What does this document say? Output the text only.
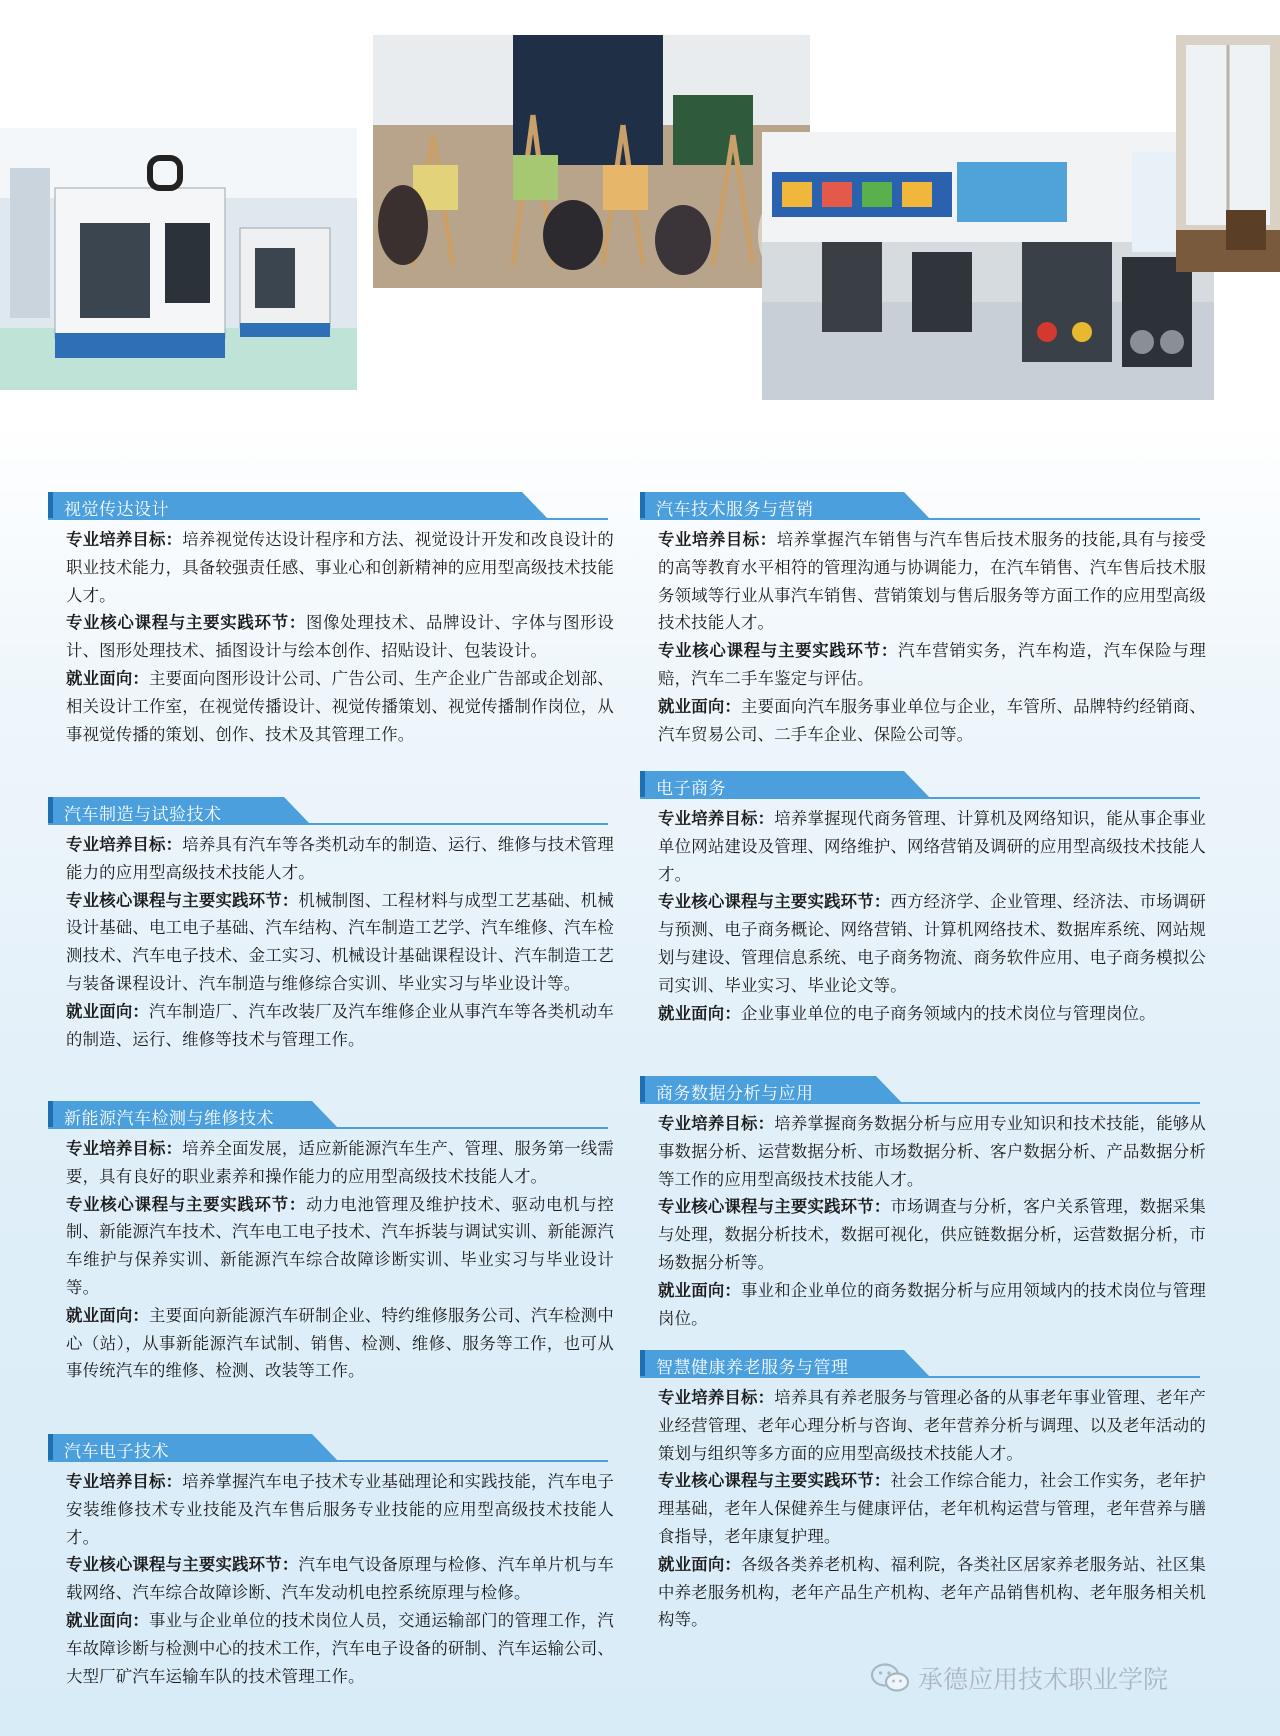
视觉传达设计

专业培养目标：培养视觉传达设计程序和方法、视觉设计开发和改良设计的职业技术能力，具备较强责任感、事业心和创新精神的应用型高级技术技能人才。

专业核心课程与主要实践环节：图像处理技术、品牌设计、字体与图形设计、图形处理技术、插图设计与绘本创作、招贴设计、包装设计。

就业面向：主要面向图形设计公司、广告公司、生产企业广告部或企划部、相关设计工作室，在视觉传播设计、视觉传播策划、视觉传播制作岗位，从事视觉传播的策划、创作、技术及其管理工作。

汽车制造与试验技术

专业培养目标：培养具有汽车等各类机动车的制造、运行、维修与技术管理能力的应用型高级技术技能人才。

专业核心课程与主要实践环节：机械制图、工程材料与成型工艺基础、机械设计基础、电工电子基础、汽车结构、汽车制造工艺学、汽车维修、汽车检测技术、汽车电子技术、金工实习、机械设计基础课程设计、汽车制造工艺与装备课程设计、汽车制造与维修综合实训、毕业实习与毕业设计等。

就业面向：汽车制造厂、汽车改装厂及汽车维修企业从事汽车等各类机动车的制造、运行、维修等技术与管理工作。

新能源汽车检测与维修技术

专业培养目标：培养全面发展，适应新能源汽车生产、管理、服务第一线需要，具有良好的职业素养和操作能力的应用型高级技术技能人才。

专业核心课程与主要实践环节：动力电池管理及维护技术、驱动电机与控制、新能源汽车技术、汽车电工电子技术、汽车拆装与调试实训、新能源汽车维护与保养实训、新能源汽车综合故障诊断实训、毕业实习与毕业设计等。

就业面向：主要面向新能源汽车研制企业、特约维修服务公司、汽车检测中心（站），从事新能源汽车试制、销售、检测、维修、服务等工作，也可从事传统汽车的维修、检测、改装等工作。

汽车电子技术

专业培养目标：培养掌握汽车电子技术专业基础理论和实践技能，汽车电子安装维修技术专业技能及汽车售后服务专业技能的应用型高级技术技能人才。

专业核心课程与主要实践环节：汽车电气设备原理与检修、汽车单片机与车载网络、汽车综合故障诊断、汽车发动机电控系统原理与检修。

就业面向：事业与企业单位的技术岗位人员，交通运输部门的管理工作，汽车故障诊断与检测中心的技术工作，汽车电子设备的研制、汽车运输公司、大型厂矿汽车运输车队的技术管理工作。

汽车技术服务与营销

专业培养目标：培养掌握汽车销售与汽车售后技术服务的技能,具有与接受的高等教育水平相符的管理沟通与协调能力，在汽车销售、汽车售后技术服务领域等行业从事汽车销售、营销策划与售后服务等方面工作的应用型高级技术技能人才。

专业核心课程与主要实践环节：汽车营销实务，汽车构造，汽车保险与理赔，汽车二手车鉴定与评估。

就业面向：主要面向汽车服务事业单位与企业，车管所、品牌特约经销商、汽车贸易公司、二手车企业、保险公司等。

电子商务

专业培养目标：培养掌握现代商务管理、计算机及网络知识，能从事企事业单位网站建设及管理、网络维护、网络营销及调研的应用型高级技术技能人才。

专业核心课程与主要实践环节：西方经济学、企业管理、经济法、市场调研与预测、电子商务概论、网络营销、计算机网络技术、数据库系统、网站规划与建设、管理信息系统、电子商务物流、商务软件应用、电子商务模拟公司实训、毕业实习、毕业论文等。

就业面向：企业事业单位的电子商务领域内的技术岗位与管理岗位。

商务数据分析与应用

专业培养目标：培养掌握商务数据分析与应用专业知识和技术技能，能够从事数据分析、运营数据分析、市场数据分析、客户数据分析、产品数据分析等工作的应用型高级技术技能人才。

专业核心课程与主要实践环节：市场调查与分析，客户关系管理，数据采集与处理，数据分析技术，数据可视化，供应链数据分析，运营数据分析，市场数据分析等。

就业面向：事业和企业单位的商务数据分析与应用领域内的技术岗位与管理岗位。

智慧健康养老服务与管理

专业培养目标：培养具有养老服务与管理必备的从事老年事业管理、老年产业经营管理、老年心理分析与咨询、老年营养分析与调理、以及老年活动的策划与组织等多方面的应用型高级技术技能人才。

专业核心课程与主要实践环节：社会工作综合能力，社会工作实务，老年护理基础，老年人保健养生与健康评估，老年机构运营与管理，老年营养与膳食指导，老年康复护理。

就业面向：各级各类养老机构、福利院，各类社区居家养老服务站、社区集中养老服务机构，老年产品生产机构、老年产品销售机构、老年服务相关机构等。

承德应用技术职业学院
